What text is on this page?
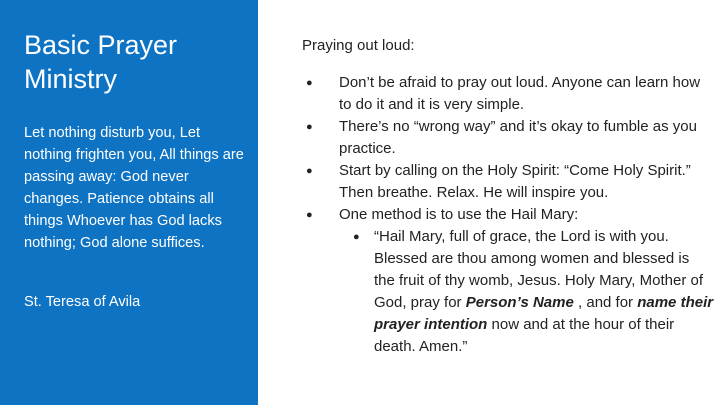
Basic Prayer
Ministry

Let nothing disturb you, Let nothing frighten you, All things are passing away: God never changes. Patience obtains all things Whoever has God lacks nothing; God alone suffices.

St. Teresa of Avila

Praying out loud:

●	Don’t be afraid to pray out loud. Anyone can learn how to do it and it is very simple.
●	There’s no “wrong way” and it’s okay to fumble as you practice.
●	Start by calling on the Holy Spirit: “Come Holy Spirit.” Then breathe. Relax. He will inspire you.
●	One method is to use the Hail Mary:
● “Hail Mary, full of grace, the Lord is with you. Blessed are thou among women and blessed is the fruit of thy womb, Jesus. Holy Mary, Mother of God, pray for Person’s Name , and for name their prayer intention now and at the hour of their death. Amen.”
